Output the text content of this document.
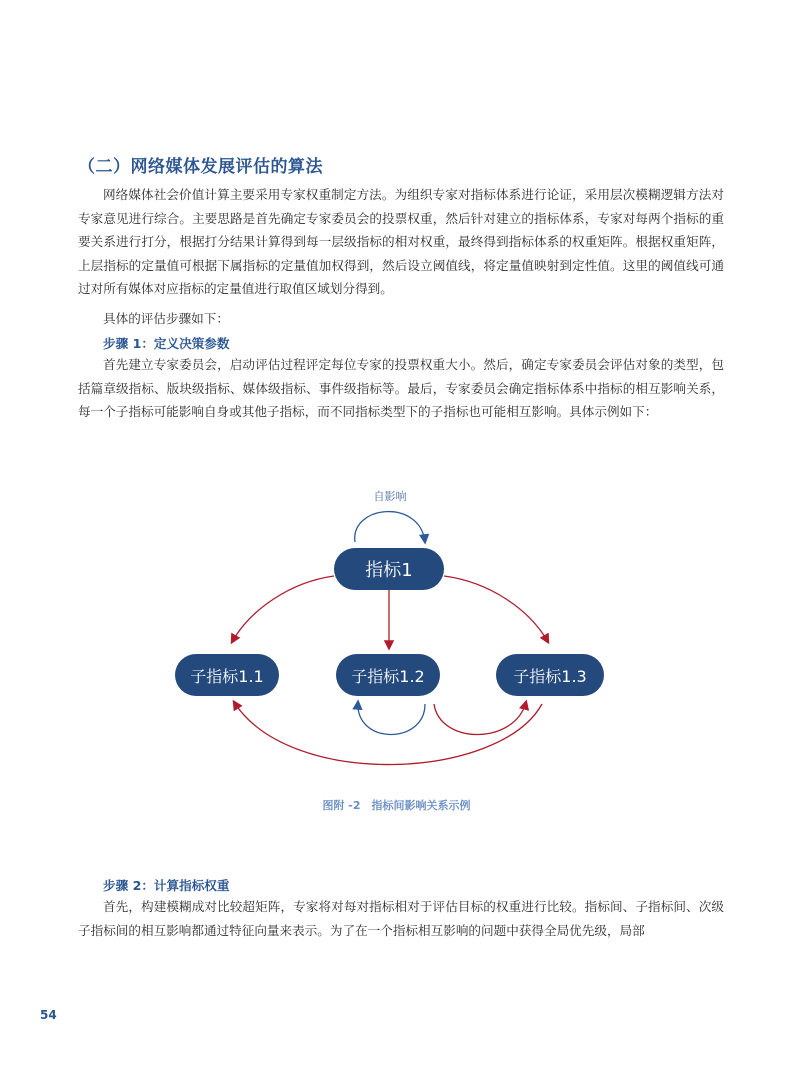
（二）网络媒体发展评估的算法
网络媒体社会价值计算主要采用专家权重制定方法。为组织专家对指标体系进行论证，采用层次模糊逻辑方法对专家意见进行综合。主要思路是首先确定专家委员会的投票权重，然后针对建立的指标体系，专家对每两个指标的重要关系进行打分，根据打分结果计算得到每一层级指标的相对权重，最终得到指标体系的权重矩阵。根据权重矩阵，上层指标的定量值可根据下属指标的定量值加权得到，然后设立阈值线，将定量值映射到定性值。这里的阈值线可通过对所有媒体对应指标的定量值进行取值区域划分得到。
具体的评估步骤如下：
步骤 1：定义决策参数
首先建立专家委员会，启动评估过程评定每位专家的投票权重大小。然后，确定专家委员会评估对象的类型，包括篇章级指标、版块级指标、媒体级指标、事件级指标等。最后，专家委员会确定指标体系中指标的相互影响关系，每一个子指标可能影响自身或其他子指标，而不同指标类型下的子指标也可能相互影响。具体示例如下：
自影响
指标1
子指标1.1	子指标1.2	子指标1.3
图附 -2　指标间影响关系示例
步骤 2：计算指标权重
首先，构建模糊成对比较超矩阵，专家将对每对指标相对于评估目标的权重进行比较。指标间、子指标间、次级子指标间的相互影响都通过特征向量来表示。为了在一个指标相互影响的问题中获得全局优先级，局部
54
